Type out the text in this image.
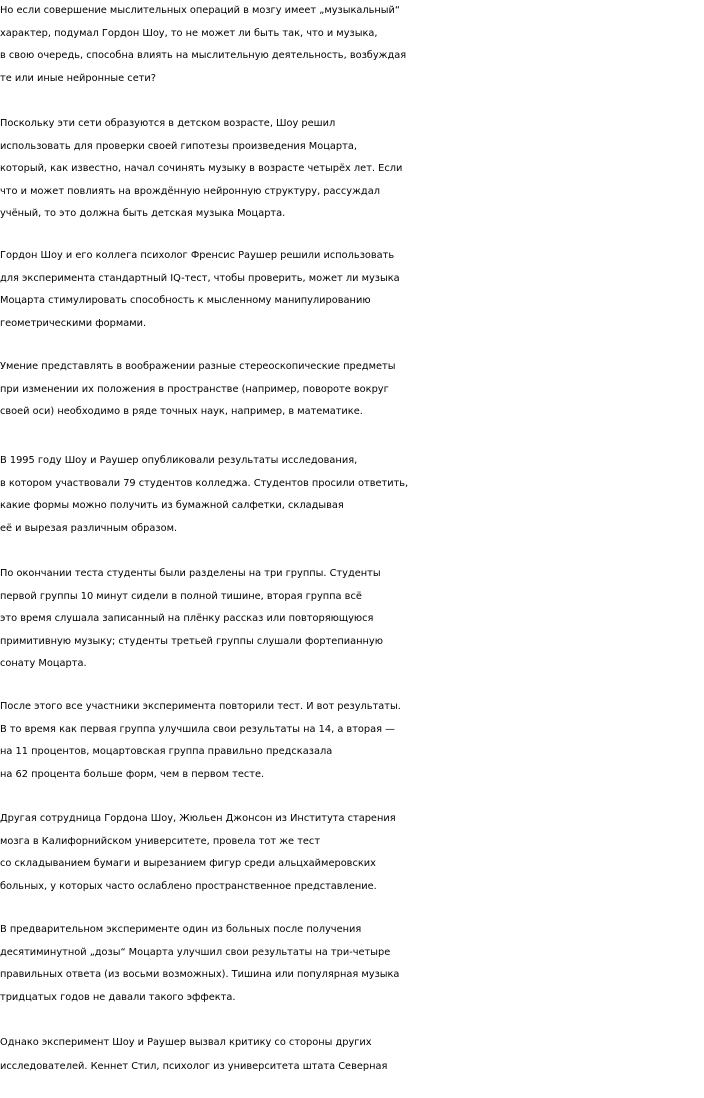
Но если совершение мыслительных операций в мозгу имеет „музыкальный“
характер, подумал Гордон Шоу, то не может ли быть так, что и музыка,
в свою очередь, способна влиять на мыслительную деятельность, возбуждая
те или иные нейронные сети?
Поскольку эти сети образуются в детском возрасте, Шоу решил
использовать для проверки своей гипотезы произведения Моцарта,
который, как известно, начал сочинять музыку в возрасте четырёх лет. Если
что и может повлиять на врождённую нейронную структуру, рассуждал
учёный, то это должна быть детская музыка Моцарта.
Гордон Шоу и его коллега психолог Френсис Раушер решили использовать
для эксперимента стандартный IQ-тест, чтобы проверить, может ли музыка
Моцарта стимулировать способность к мысленному манипулированию
геометрическими формами.
Умение представлять в воображении разные стереоскопические предметы
при изменении их положения в пространстве (например, повороте вокруг
своей оси) необходимо в ряде точных наук, например, в математике.
В 1995 году Шоу и Раушер опубликовали результаты исследования,
в котором участвовали 79 студентов колледжа. Студентов просили ответить,
какие формы можно получить из бумажной салфетки, складывая
её и вырезая различным образом.
По окончании теста студенты были разделены на три группы. Студенты
первой группы 10 минут сидели в полной тишине, вторая группа всё
это время слушала записанный на плёнку рассказ или повторяющуюся
примитивную музыку; студенты третьей группы слушали фортепианную
сонату Моцарта.
После этого все участники эксперимента повторили тест. И вот результаты.
В то время как первая группа улучшила свои результаты на 14, а вторая —
на 11 процентов, моцартовская группа правильно предсказала
на 62 процента больше форм, чем в первом тесте.
Другая сотрудница Гордона Шоу, Жюльен Джонсон из Института старения
мозга в Калифорнийском университете, провела тот же тест
со складыванием бумаги и вырезанием фигур среди альцхаймеровских
больных, у которых часто ослаблено пространственное представление.
В предварительном эксперименте один из больных после получения
десятиминутной „дозы“ Моцарта улучшил свои результаты на три-четыре
правильных ответа (из восьми возможных). Тишина или популярная музыка
тридцатых годов не давали такого эффекта.
Однако эксперимент Шоу и Раушер вызвал критику со стороны других
исследователей. Кеннет Стил, психолог из университета штата Северная
